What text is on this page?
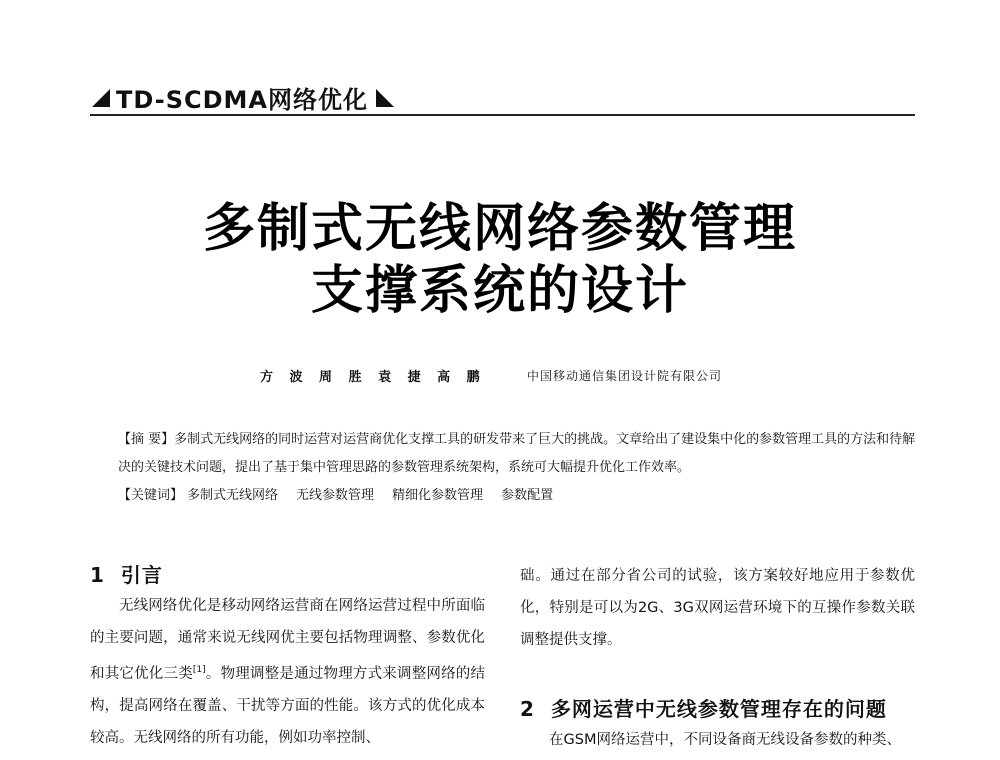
TD-SCDMA网络优化
多制式无线网络参数管理
支撑系统的设计
方 波 周 胜 袁 捷 高 鹏	中国移动通信集团设计院有限公司

【摘 要】多制式无线网络的同时运营对运营商优化支撑工具的研发带来了巨大的挑战。文章给出了建设集中化的参数管理工具的方法和待解决的关键技术问题，提出了基于集中管理思路的参数管理系统架构，系统可大幅提升优化工作效率。

【关键词】 多制式无线网络 无线参数管理 精细化参数管理 参数配置

1 引言

无线网络优化是移动网络运营商在网络运营过程中所面临的主要问题，通常来说无线网优主要包括物理调整、参数优化和其它优化三类[1]。物理调整是通过物理方式来调整网络的结构，提高网络在覆盖、干扰等方面的性能。该方式的优化成本较高。无线网络的所有功能，例如功率控制、

础。通过在部分省公司的试验，该方案较好地应用于参数优化，特别是可以为2G、3G双网运营环境下的互操作参数关联调整提供支撑。

2 多网运营中无线参数管理存在的问题

在GSM网络运营中，不同设备商无线设备参数的种类、
